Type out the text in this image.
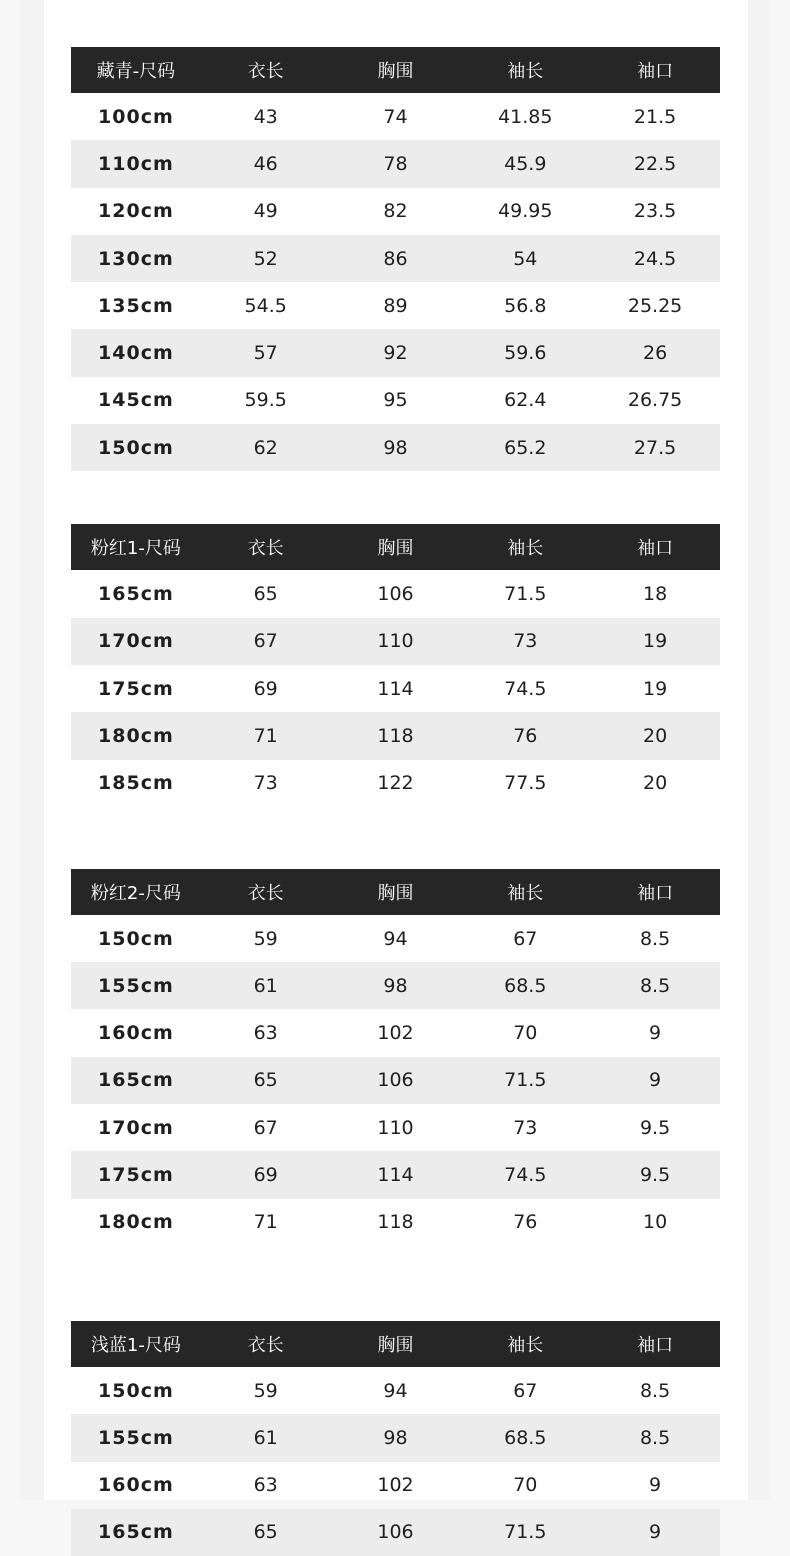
藏青-尺码	衣长	胸围	袖长	袖口
100cm	43	74	41.85	21.5
110cm	46	78	45.9	22.5
120cm	49	82	49.95	23.5
130cm	52	86	54	24.5
135cm	54.5	89	56.8	25.25
140cm	57	92	59.6	26
145cm	59.5	95	62.4	26.75
150cm	62	98	65.2	27.5
粉红1-尺码	衣长	胸围	袖长	袖口
165cm	65	106	71.5	18
170cm	67	110	73	19
175cm	69	114	74.5	19
180cm	71	118	76	20
185cm	73	122	77.5	20
粉红2-尺码	衣长	胸围	袖长	袖口
150cm	59	94	67	8.5
155cm	61	98	68.5	8.5
160cm	63	102	70	9
165cm	65	106	71.5	9
170cm	67	110	73	9.5
175cm	69	114	74.5	9.5
180cm	71	118	76	10
浅蓝1-尺码	衣长	胸围	袖长	袖口
150cm	59	94	67	8.5
155cm	61	98	68.5	8.5
160cm	63	102	70	9
165cm	65	106	71.5	9
